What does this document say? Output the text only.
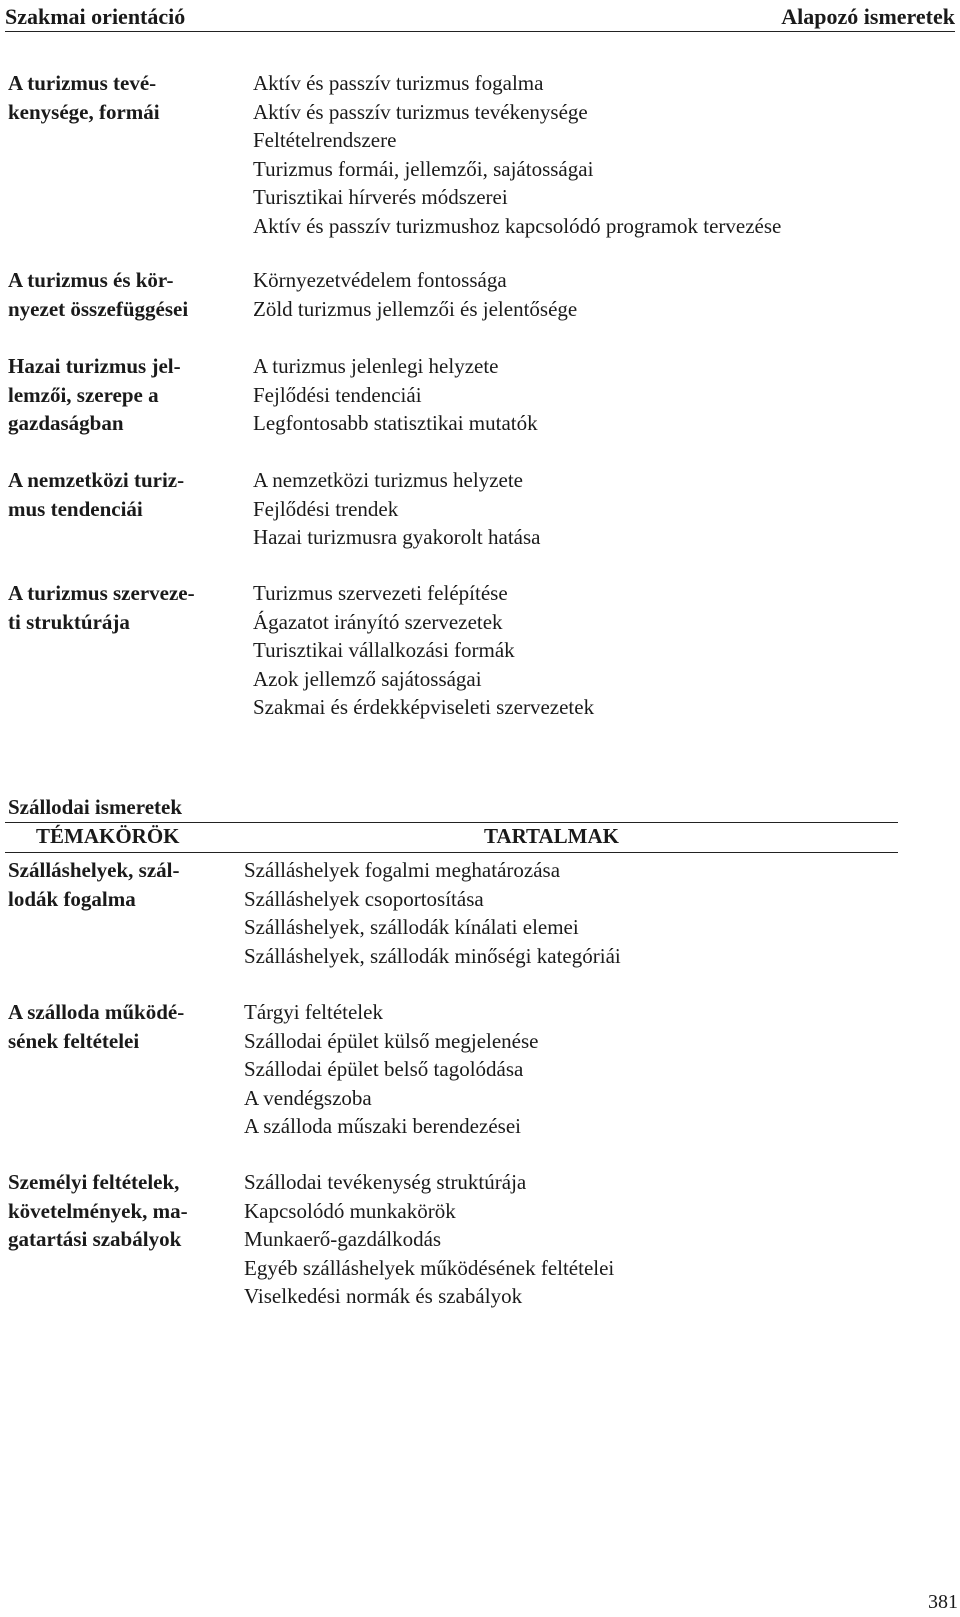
Szakmai orientáció	Alapozó ismeretek
A turizmus tevé-
kenysége, formái
Aktív és passzív turizmus fogalma
Aktív és passzív turizmus tevékenysége
Feltételrendszere
Turizmus formái, jellemzői, sajátosságai
Turisztikai hírverés módszerei
Aktív és passzív turizmushoz kapcsolódó programok tervezése
A turizmus és kör-
nyezet összefüggései
Környezetvédelem fontossága
Zöld turizmus jellemzői és jelentősége
Hazai turizmus jel-
lemzői, szerepe a
gazdaságban
A turizmus jelenlegi helyzete
Fejlődési tendenciái
Legfontosabb statisztikai mutatók
A nemzetközi turiz-
mus tendenciái
A nemzetközi turizmus helyzete
Fejlődési trendek
Hazai turizmusra gyakorolt hatása
A turizmus szerveze-
ti struktúrája
Turizmus szervezeti felépítése
Ágazatot irányító szervezetek
Turisztikai vállalkozási formák
Azok jellemző sajátosságai
Szakmai és érdekképviseleti szervezetek
Szállodai ismeretek
TÉMAKÖRÖK	TARTALMAK
Szálláshelyek, szál-
lodák fogalma
Szálláshelyek fogalmi meghatározása
Szálláshelyek csoportosítása
Szálláshelyek, szállodák kínálati elemei
Szálláshelyek, szállodák minőségi kategóriái
A szálloda működé-
sének feltételei
Tárgyi feltételek
Szállodai épület külső megjelenése
Szállodai épület belső tagolódása
A vendégszoba
A szálloda műszaki berendezései
Személyi feltételek,
követelmények, ma-
gatartási szabályok
Szállodai tevékenység struktúrája
Kapcsolódó munkakörök
Munkaerő-gazdálkodás
Egyéb szálláshelyek működésének feltételei
Viselkedési normák és szabályok
381
